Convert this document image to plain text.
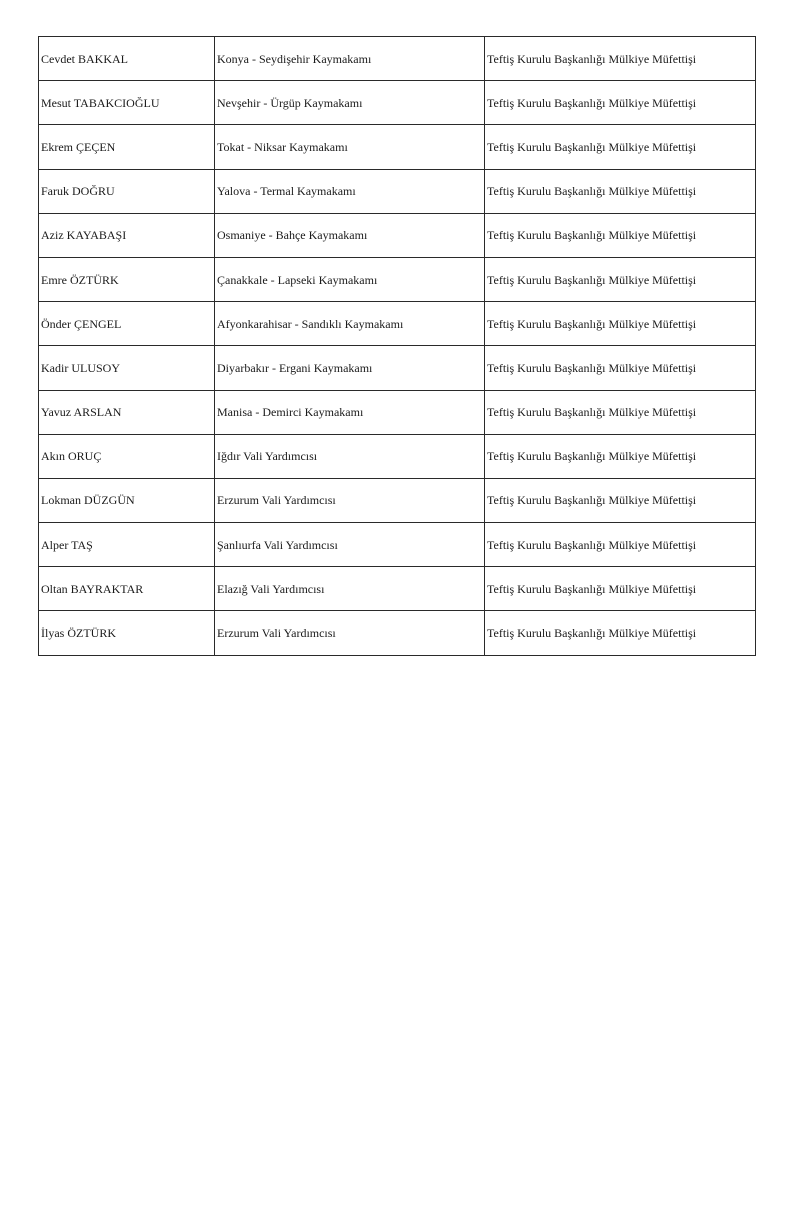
Cevdet BAKKAL	Konya - Seydişehir Kaymakamı	Teftiş Kurulu Başkanlığı Mülkiye Müfettişi
Mesut TABAKCIOĞLU	Nevşehir - Ürgüp Kaymakamı	Teftiş Kurulu Başkanlığı Mülkiye Müfettişi
Ekrem ÇEÇEN	Tokat - Niksar Kaymakamı	Teftiş Kurulu Başkanlığı Mülkiye Müfettişi
Faruk DOĞRU	Yalova - Termal Kaymakamı	Teftiş Kurulu Başkanlığı Mülkiye Müfettişi
Aziz KAYABAŞI	Osmaniye - Bahçe Kaymakamı	Teftiş Kurulu Başkanlığı Mülkiye Müfettişi
Emre ÖZTÜRK	Çanakkale - Lapseki Kaymakamı	Teftiş Kurulu Başkanlığı Mülkiye Müfettişi
Önder ÇENGEL	Afyonkarahisar - Sandıklı Kaymakamı	Teftiş Kurulu Başkanlığı Mülkiye Müfettişi
Kadir ULUSOY	Diyarbakır - Ergani Kaymakamı	Teftiş Kurulu Başkanlığı Mülkiye Müfettişi
Yavuz ARSLAN	Manisa - Demirci Kaymakamı	Teftiş Kurulu Başkanlığı Mülkiye Müfettişi
Akın ORUÇ	Iğdır Vali Yardımcısı	Teftiş Kurulu Başkanlığı Mülkiye Müfettişi
Lokman DÜZGÜN	Erzurum Vali Yardımcısı	Teftiş Kurulu Başkanlığı Mülkiye Müfettişi
Alper TAŞ	Şanlıurfa Vali Yardımcısı	Teftiş Kurulu Başkanlığı Mülkiye Müfettişi
Oltan BAYRAKTAR	Elazığ Vali Yardımcısı	Teftiş Kurulu Başkanlığı Mülkiye Müfettişi
İlyas ÖZTÜRK	Erzurum Vali Yardımcısı	Teftiş Kurulu Başkanlığı Mülkiye Müfettişi
